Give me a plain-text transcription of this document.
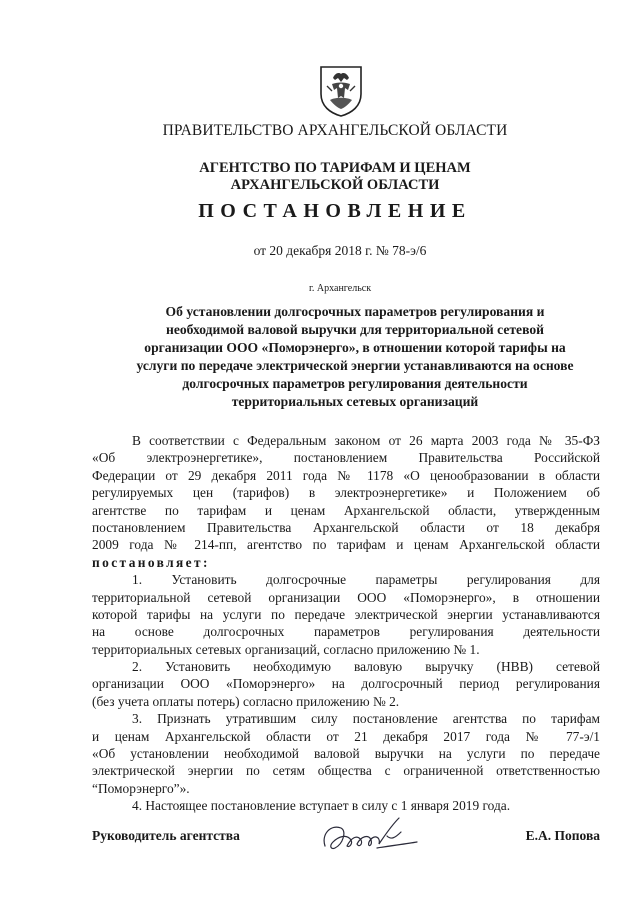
ПРАВИТЕЛЬСТВО АРХАНГЕЛЬСКОЙ ОБЛАСТИ
АГЕНТСТВО ПО ТАРИФАМ И ЦЕНАМ
АРХАНГЕЛЬСКОЙ ОБЛАСТИ
ПОСТАНОВЛЕНИЕ
от 20 декабря 2018 г. № 78-э/6
г. Архангельск
Об установлении долгосрочных параметров регулирования и
необходимой валовой выручки для территориальной сетевой
организации ООО «Поморэнерго», в отношении которой тарифы на
услуги по передаче электрической энергии устанавливаются на основе
долгосрочных параметров регулирования деятельности
территориальных сетевых организаций
В соответствии с Федеральным законом от 26 марта 2003 года № 35-ФЗ
«Об электроэнергетике», постановлением Правительства Российской
Федерации от 29 декабря 2011 года № 1178 «О ценообразовании в области
регулируемых цен (тарифов) в электроэнергетике» и Положением об
агентстве по тарифам и ценам Архангельской области, утвержденным
постановлением Правительства Архангельской области от 18 декабря
2009 года № 214-пп, агентство по тарифам и ценам Архангельской области
постановляет:
1. Установить долгосрочные параметры регулирования для
территориальной сетевой организации ООО «Поморэнерго», в отношении
которой тарифы на услуги по передаче электрической энергии устанавливаются
на основе долгосрочных параметров регулирования деятельности
территориальных сетевых организаций, согласно приложению № 1.
2. Установить необходимую валовую выручку (НВВ) сетевой
организации ООО «Поморэнерго» на долгосрочный период регулирования
(без учета оплаты потерь) согласно приложению № 2.
3. Признать утратившим силу постановление агентства по тарифам
и ценам Архангельской области от 21 декабря 2017 года № 77-э/1
«Об установлении необходимой валовой выручки на услуги по передаче
электрической энергии по сетям общества с ограниченной ответственностью
“Поморэнерго”».
4. Настоящее постановление вступает в силу с 1 января 2019 года.
Руководитель агентства	Е.А. Попова
